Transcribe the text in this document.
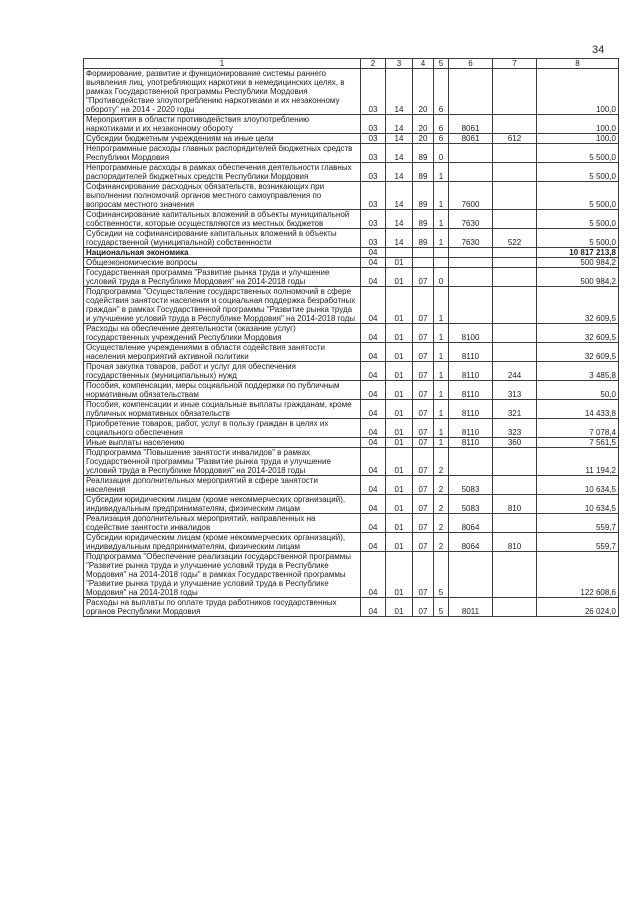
34
1	2	3	4	5	6	7	8
Формирование, развитие и функционирование системы раннего выявления лиц, употребляющих наркотики в немедицинских целях, в рамках Государственной программы Республики Мордовия "Противодействие злоупотреблению наркотиками и их незаконному обороту" на 2014 - 2020 годы	03	14	20	6			100,0
Мероприятия в области противодействия злоупотреблению наркотиками и их незаконному обороту	03	14	20	6	8061		100,0
Субсидии бюджетным учреждениям на иные цели	03	14	20	6	8061	612	100,0
Непрограммные расходы главных распорядителей бюджетных средств Республики Мордовия	03	14	89	0			5 500,0
Непрограммные расходы в рамках обеспечения деятельности главных распорядителей бюджетных средств Республики Мордовия	03	14	89	1			5 500,0
Софинансирование расходных обязательств, возникающих при выполнении полномочий органов местного самоуправления по вопросам местного значения	03	14	89	1	7600		5 500,0
Софинансирование капитальных вложений в объекты муниципальной собственности, которые осуществляются из местных бюджетов	03	14	89	1	7630		5 500,0
Субсидии на софинансирование капитальных вложений в объекты государственной (муниципальной) собственности	03	14	89	1	7630	522	5 500,0
Национальная экономика	04						10 817 213,8
Общеэкономические вопросы	04	01					500 984,2
Государственная программа "Развитие рынка труда и улучшение условий труда в Республике Мордовия" на 2014-2018 годы	04	01	07	0			500 984,2
Подпрограмма "Осуществление государственных полномочий в сфере содействия занятости населения и социальная поддержка безработных граждан" в рамках Государственной программы "Развитие рынка труда и улучшение условий труда в Республике Мордовия" на 2014-2018 годы	04	01	07	1			32 609,5
Расходы на обеспечение деятельности (оказание услуг) государственных учреждений Республики Мордовия	04	01	07	1	8100		32 609,5
Осуществление учреждениями в области содействия занятости населения мероприятий активной политики	04	01	07	1	8110		32 609,5
Прочая закупка товаров, работ и услуг для обеспечения государственных (муниципальных) нужд	04	01	07	1	8110	244	3 485,8
Пособия, компенсации, меры социальной поддержки по публичным нормативным обязательствам	04	01	07	1	8110	313	50,0
Пособия, компенсации и иные социальные выплаты гражданам, кроме публичных нормативных обязательств	04	01	07	1	8110	321	14 433,8
Приобретение товаров, работ, услуг в пользу граждан в целях их социального обеспечения	04	01	07	1	8110	323	7 078,4
Иные выплаты населению	04	01	07	1	8110	360	7 561,5
Подпрограмма "Повышение занятости инвалидов" в рамках Государственной программы "Развитие рынка труда и улучшение условий труда в Республике Мордовия" на 2014-2018 годы	04	01	07	2			11 194,2
Реализация дополнительных мероприятий в сфере занятости населения	04	01	07	2	5083		10 634,5
Субсидии юридическим лицам (кроме некоммерческих организаций), индивидуальным предпринимателям, физическим лицам	04	01	07	2	5083	810	10 634,5
Реализация дополнительных мероприятий, направленных на содействие занятости инвалидов	04	01	07	2	8064		559,7
Субсидии юридическим лицам (кроме некоммерческих организаций), индивидуальным предпринимателям, физическим лицам	04	01	07	2	8064	810	559,7
Подпрограмма "Обеспечение реализации государственной программы "Развитие рынка труда и улучшение условий труда в Республике Мордовия" на 2014-2018 годы" в рамках Государственной программы "Развитие рынка труда и улучшение условий труда в Республике Мордовия" на 2014-2018 годы	04	01	07	5			122 608,6
Расходы на выплаты по оплате труда работников государственных органов Республики Мордовия	04	01	07	5	8011		26 024,0
